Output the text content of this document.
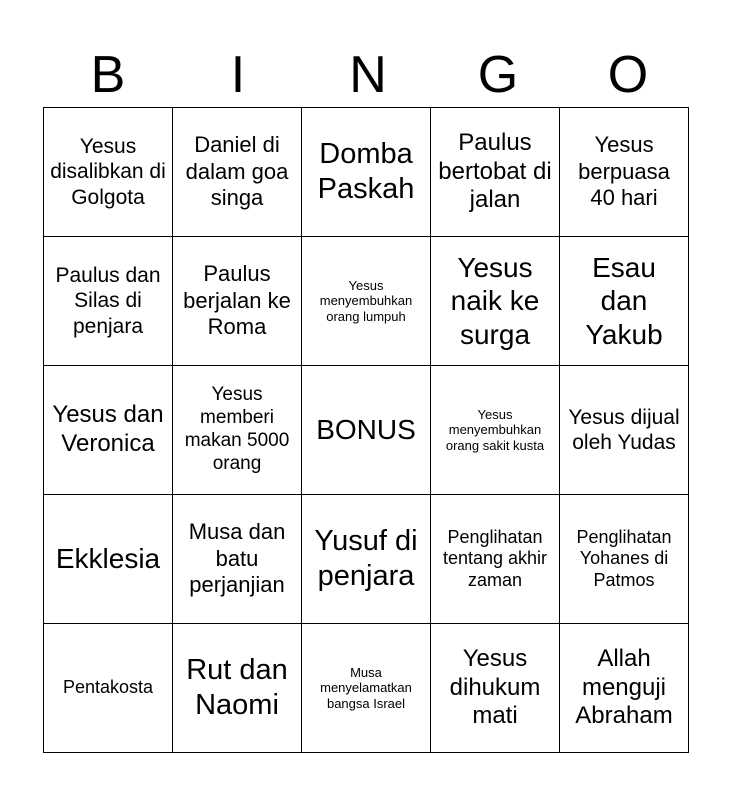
B	I	N	G	O
Yesus disalibkan di Golgota	Daniel di dalam goa singa	Domba Paskah	Paulus bertobat di jalan	Yesus berpuasa 40 hari
Paulus dan Silas di penjara	Paulus berjalan ke Roma	Yesus menyembuhkan orang lumpuh	Yesus naik ke surga	Esau dan Yakub
Yesus dan Veronica	Yesus memberi makan 5000 orang	BONUS	Yesus menyembuhkan orang sakit kusta	Yesus dijual oleh Yudas
Ekklesia	Musa dan batu perjanjian	Yusuf di penjara	Penglihatan tentang akhir zaman	Penglihatan Yohanes di Patmos
Pentakosta	Rut dan Naomi	Musa menyelamatkan bangsa Israel	Yesus dihukum mati	Allah menguji Abraham
